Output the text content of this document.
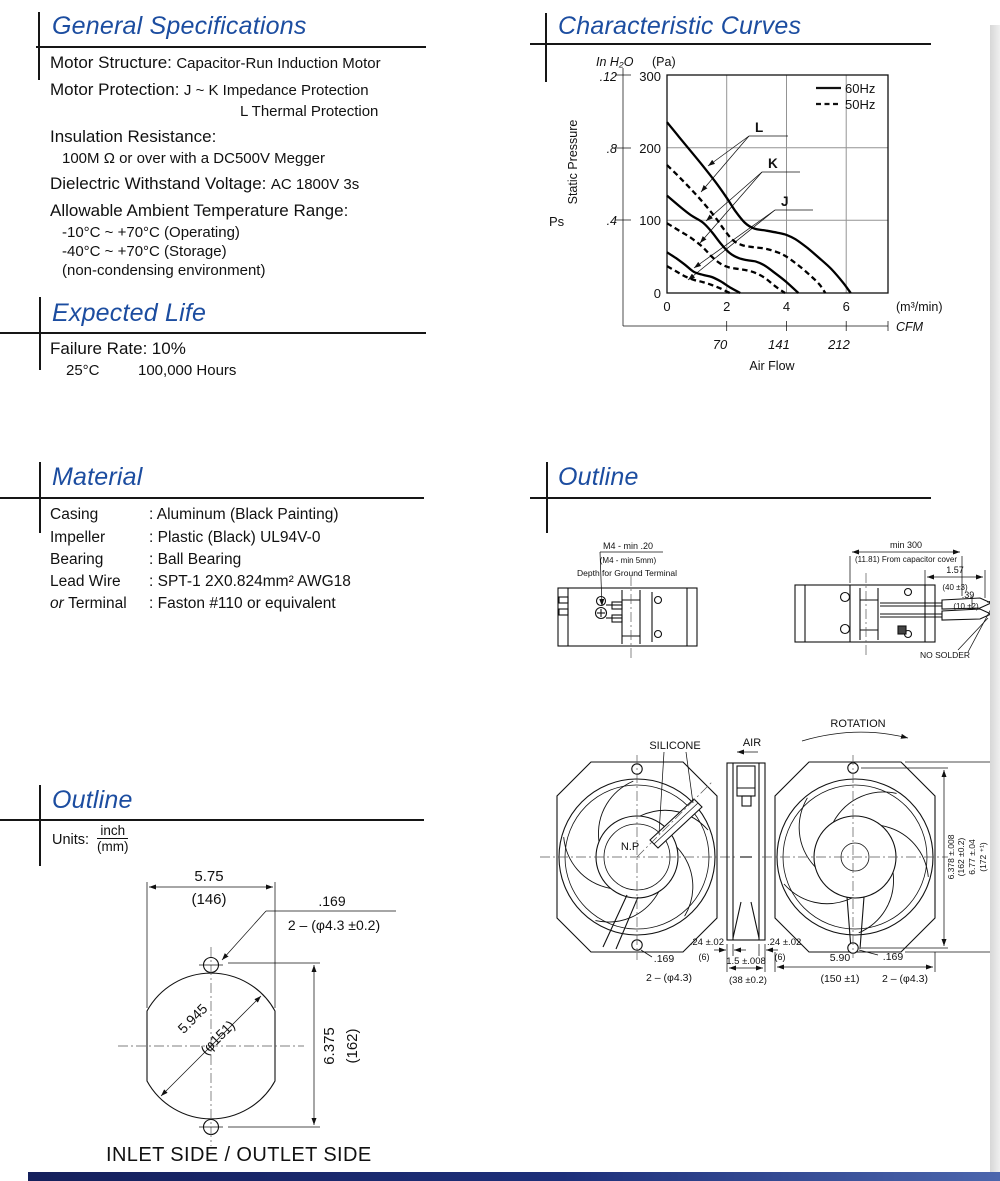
General Specifications
Motor Structure: Capacitor-Run Induction Motor
Motor Protection: J ~ K Impedance Protection
L Thermal Protection
Insulation Resistance:
100M Ω or over with a DC500V Megger
Dielectric Withstand Voltage: AC 1800V 3s
Allowable Ambient Temperature Range:
-10°C ~ +70°C (Operating)
-40°C ~ +70°C (Storage)
(non-condensing environment)
Expected Life
Failure Rate: 10%
25°C	100,000 Hours
Characteristic Curves
In H₂O
.12
.8
.4
Ps
Static Pressure
(Pa)
300
200
100
0
0	2	4	6	(m³/min)
70	141	212
CFM
Air Flow
60Hz
50Hz
L
K
J
Material
Casing	: Aluminum (Black Painting)
Impeller	: Plastic (Black) UL94V-0
Bearing	: Ball Bearing
Lead Wire : SPT-1 2X0.824mm² AWG18
or Terminal : Faston #110 or equivalent
Outline
M4 - min .20
(M4 - min 5mm)
Depth for Ground Terminal
min 300
(11.81) From capacitor cover
1.57
(40 ±3)
.39
(10 ±2)
NO SOLDER
SILICONE
N.P
.169
2 – (φ4.3)
AIR
ROTATION
6.378 ±.008 (162 ±0.2) 6.77 ±.04 (172 ⁺¹)
.24 ±.02
(6) 1.5 ±.008
(38 ±0.2)
.24 ±.02
(6)	5.90
(150 ±1)
.169
2 – (φ4.3)
Outline
Units:
inch
(mm)
5.75
(146)	.169
2 – (φ4.3 ±0.2)
5.945
(φ151)	6.375 (162)
INLET SIDE / OUTLET SIDE
